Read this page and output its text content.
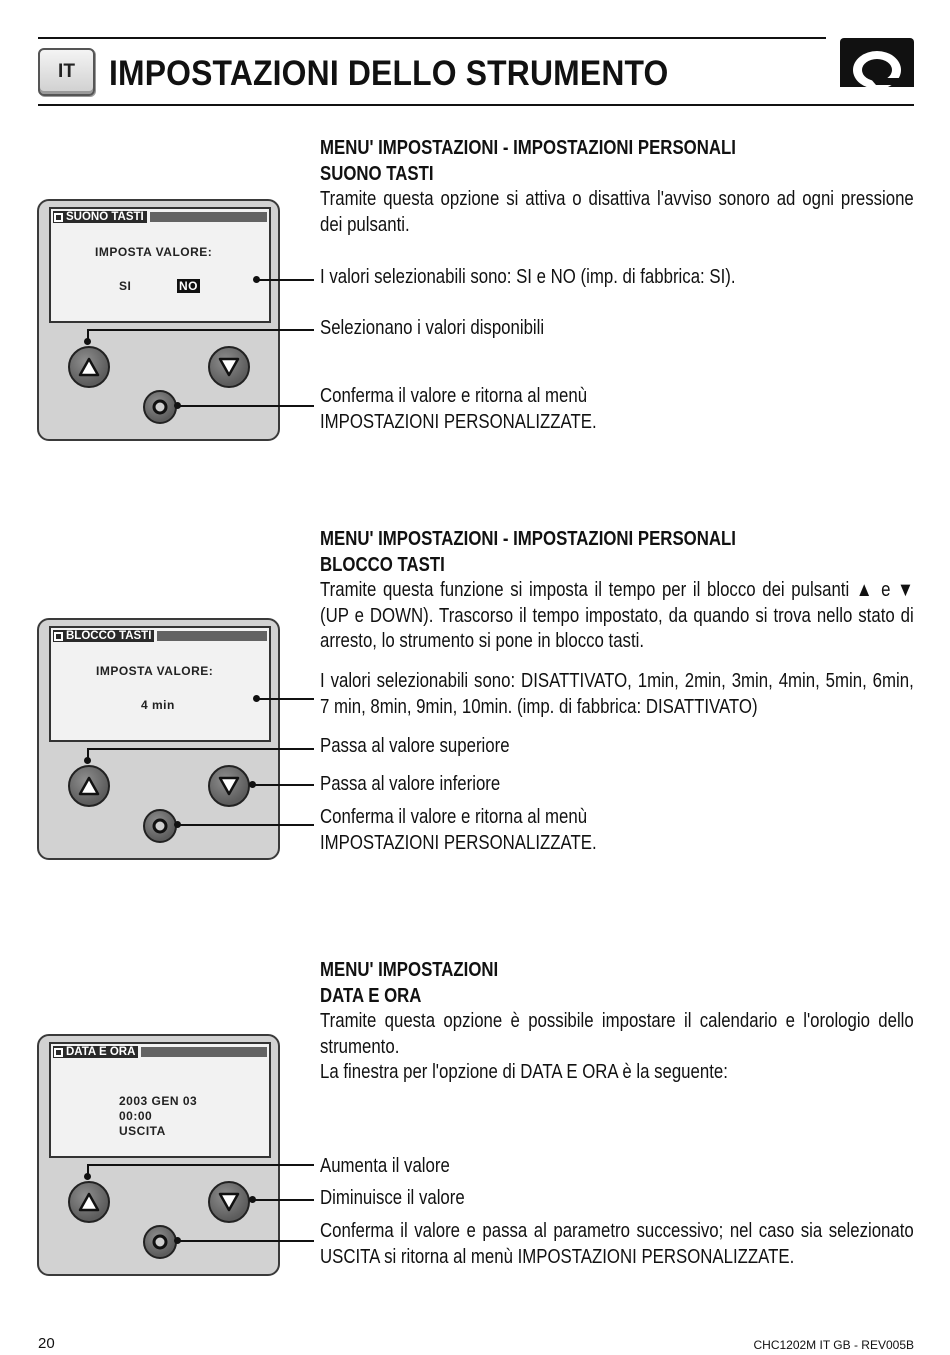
IT IMPOSTAZIONI DELLO STRUMENTO
SUONO TASTI
IMPOSTA VALORE:
SI	NO
MENU' IMPOSTAZIONI - IMPOSTAZIONI PERSONALI
SUONO TASTI
Tramite questa opzione si attiva o disattiva l'avviso sonoro ad ogni pressione dei pulsanti.
I valori selezionabili sono: SI e NO (imp. di fabbrica: SI).
Selezionano i valori disponibili
Conferma il valore e ritorna al menù
IMPOSTAZIONI PERSONALIZZATE.
BLOCCO TASTI
IMPOSTA VALORE:
4 min
MENU' IMPOSTAZIONI - IMPOSTAZIONI PERSONALI
BLOCCO TASTI
Tramite questa funzione si imposta il tempo per il blocco dei pulsanti ▲ e ▼ (UP e DOWN). Trascorso il tempo impostato, da quando si trova nello stato di arresto, lo strumento si pone in blocco tasti.
I valori selezionabili sono: DISATTIVATO, 1min, 2min, 3min, 4min, 5min, 6min, 7 min, 8min, 9min, 10min. (imp. di fabbrica: DISATTIVATO)
Passa al valore superiore
Passa al valore inferiore
Conferma il valore e ritorna al menù
IMPOSTAZIONI PERSONALIZZATE.
DATA E ORA
2003 GEN 03
00:00
USCITA
MENU' IMPOSTAZIONI
DATA E ORA
Tramite questa opzione è possibile impostare il calendario e l'orologio dello strumento.
La finestra per l'opzione di DATA E ORA è la seguente:
Aumenta il valore
Diminuisce il valore
Conferma il valore e passa al parametro successivo; nel caso sia selezionato USCITA si ritorna al menù IMPOSTAZIONI PERSONALIZZATE.
20	CHC1202M IT GB - REV005B
